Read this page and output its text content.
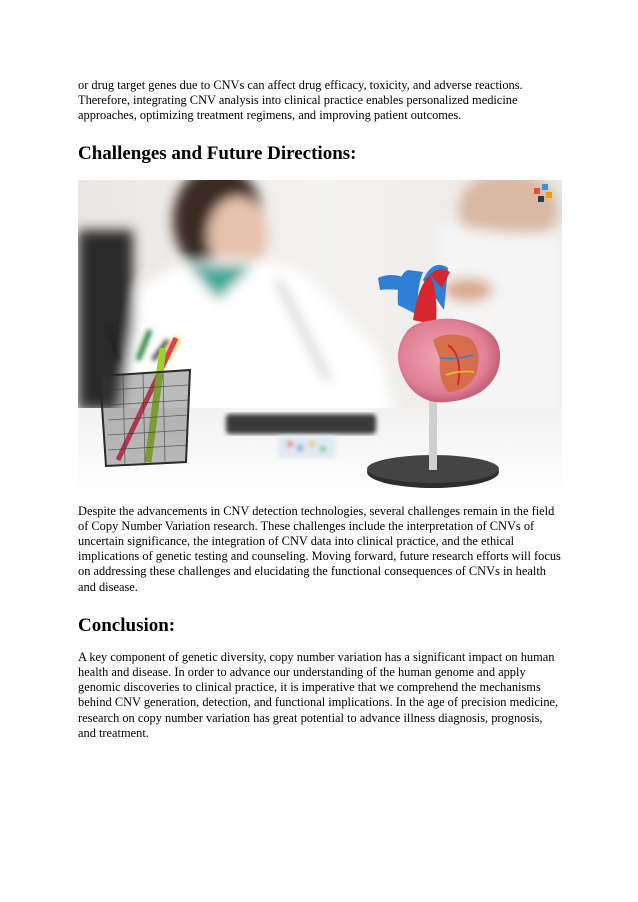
or drug target genes due to CNVs can affect drug efficacy, toxicity, and adverse reactions. Therefore, integrating CNV analysis into clinical practice enables personalized medicine approaches, optimizing treatment regimens, and improving patient outcomes.

Challenges and Future Directions:

Despite the advancements in CNV detection technologies, several challenges remain in the field of Copy Number Variation research. These challenges include the interpretation of CNVs of uncertain significance, the integration of CNV data into clinical practice, and the ethical implications of genetic testing and counseling. Moving forward, future research efforts will focus on addressing these challenges and elucidating the functional consequences of CNVs in health and disease.

Conclusion:

A key component of genetic diversity, copy number variation has a significant impact on human health and disease. In order to advance our understanding of the human genome and apply genomic discoveries to clinical practice, it is imperative that we comprehend the mechanisms behind CNV generation, detection, and functional implications. In the age of precision medicine, research on copy number variation has great potential to advance illness diagnosis, prognosis, and treatment.
